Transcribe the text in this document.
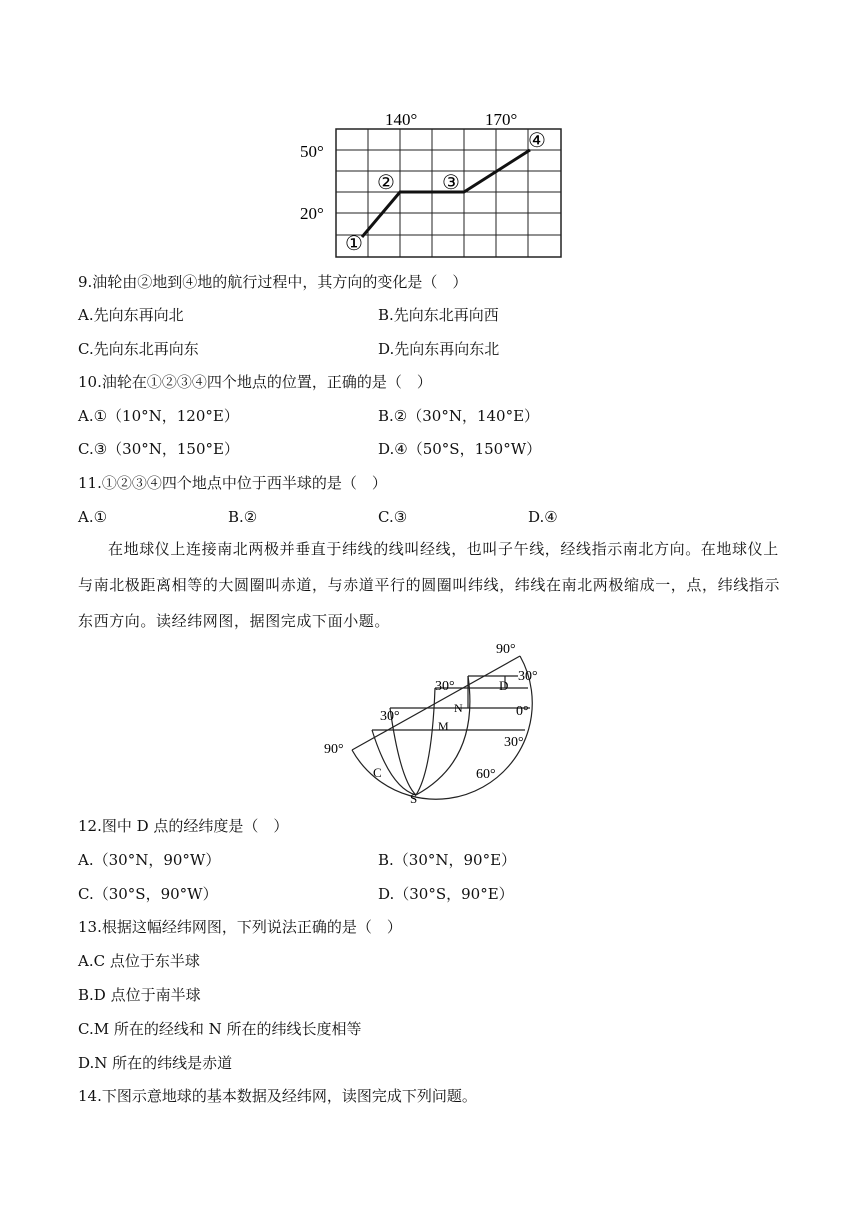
140°	170°
50°
20°
①
② ③
④
9.油轮由②地到④地的航行过程中，其方向的变化是（　）
A.先向东再向北	B.先向东北再向西
C.先向东北再向东	D.先向东再向东北
10.油轮在①②③④四个地点的位置，正确的是（　）
A.①（10°N，120°E）	B.②（30°N，140°E）
C.③（30°N，150°E）	D.④（50°S，150°W）
11.①②③④四个地点中位于西半球的是（　）
A.①	B.②	C.③	D.④
在地球仪上连接南北两极并垂直于纬线的线叫经线，也叫子午线，经线指示南北方向。在地球仪上与南北极距离相等的大圆圈叫赤道，与赤道平行的圆圈叫纬线，纬线在南北两极缩成一，点，纬线指示东西方向。读经纬网图，据图完成下面小题。
90°
30°
0°
30°
60°
30°
30°
90°
D
N
M
C
S
12.图中 D 点的经纬度是（　）
A.（30°N，90°W）	B.（30°N，90°E）
C.（30°S，90°W）	D.（30°S，90°E）
13.根据这幅经纬网图，下列说法正确的是（　）
A.C 点位于东半球
B.D 点位于南半球
C.M 所在的经线和 N 所在的纬线长度相等
D.N 所在的纬线是赤道
14.下图示意地球的基本数据及经纬网，读图完成下列问题。
